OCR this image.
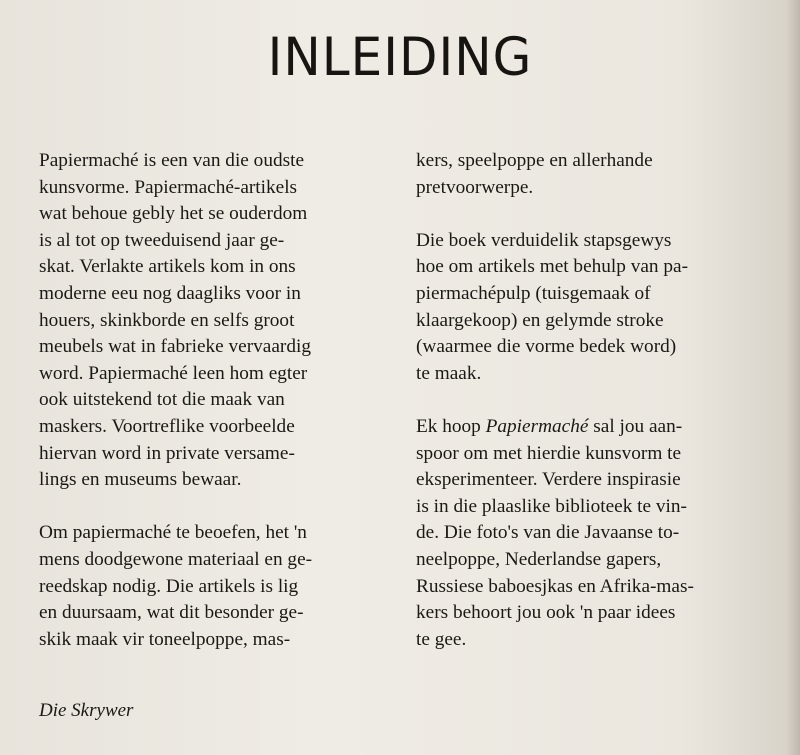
INLEIDING
Papiermaché is een van die oudste
kunsvorme. Papiermaché-artikels
wat behoue gebly het se ouderdom
is al tot op tweeduisend jaar ge-
skat. Verlakte artikels kom in ons
moderne eeu nog daagliks voor in
houers, skinkborde en selfs groot
meubels wat in fabrieke vervaardig
word. Papiermaché leen hom egter
ook uitstekend tot die maak van
maskers. Voortreflike voorbeelde
hiervan word in private versame-
lings en museums bewaar.
Om papiermaché te beoefen, het 'n
mens doodgewone materiaal en ge-
reedskap nodig. Die artikels is lig
en duursaam, wat dit besonder ge-
skik maak vir toneelpoppe, mas-
kers, speelpoppe en allerhande
pretvoorwerpe.
Die boek verduidelik stapsgewys
hoe om artikels met behulp van pa-
piermachépulp (tuisgemaak of
klaargekoop) en gelymde stroke
(waarmee die vorme bedek word)
te maak.
Ek hoop Papiermaché sal jou aan-
spoor om met hierdie kunsvorm te
eksperimenteer. Verdere inspirasie
is in die plaaslike biblioteek te vin-
de. Die foto's van die Javaanse to-
neelpoppe, Nederlandse gapers,
Russiese baboesjkas en Afrika-mas-
kers behoort jou ook 'n paar idees
te gee.
Die Skrywer
